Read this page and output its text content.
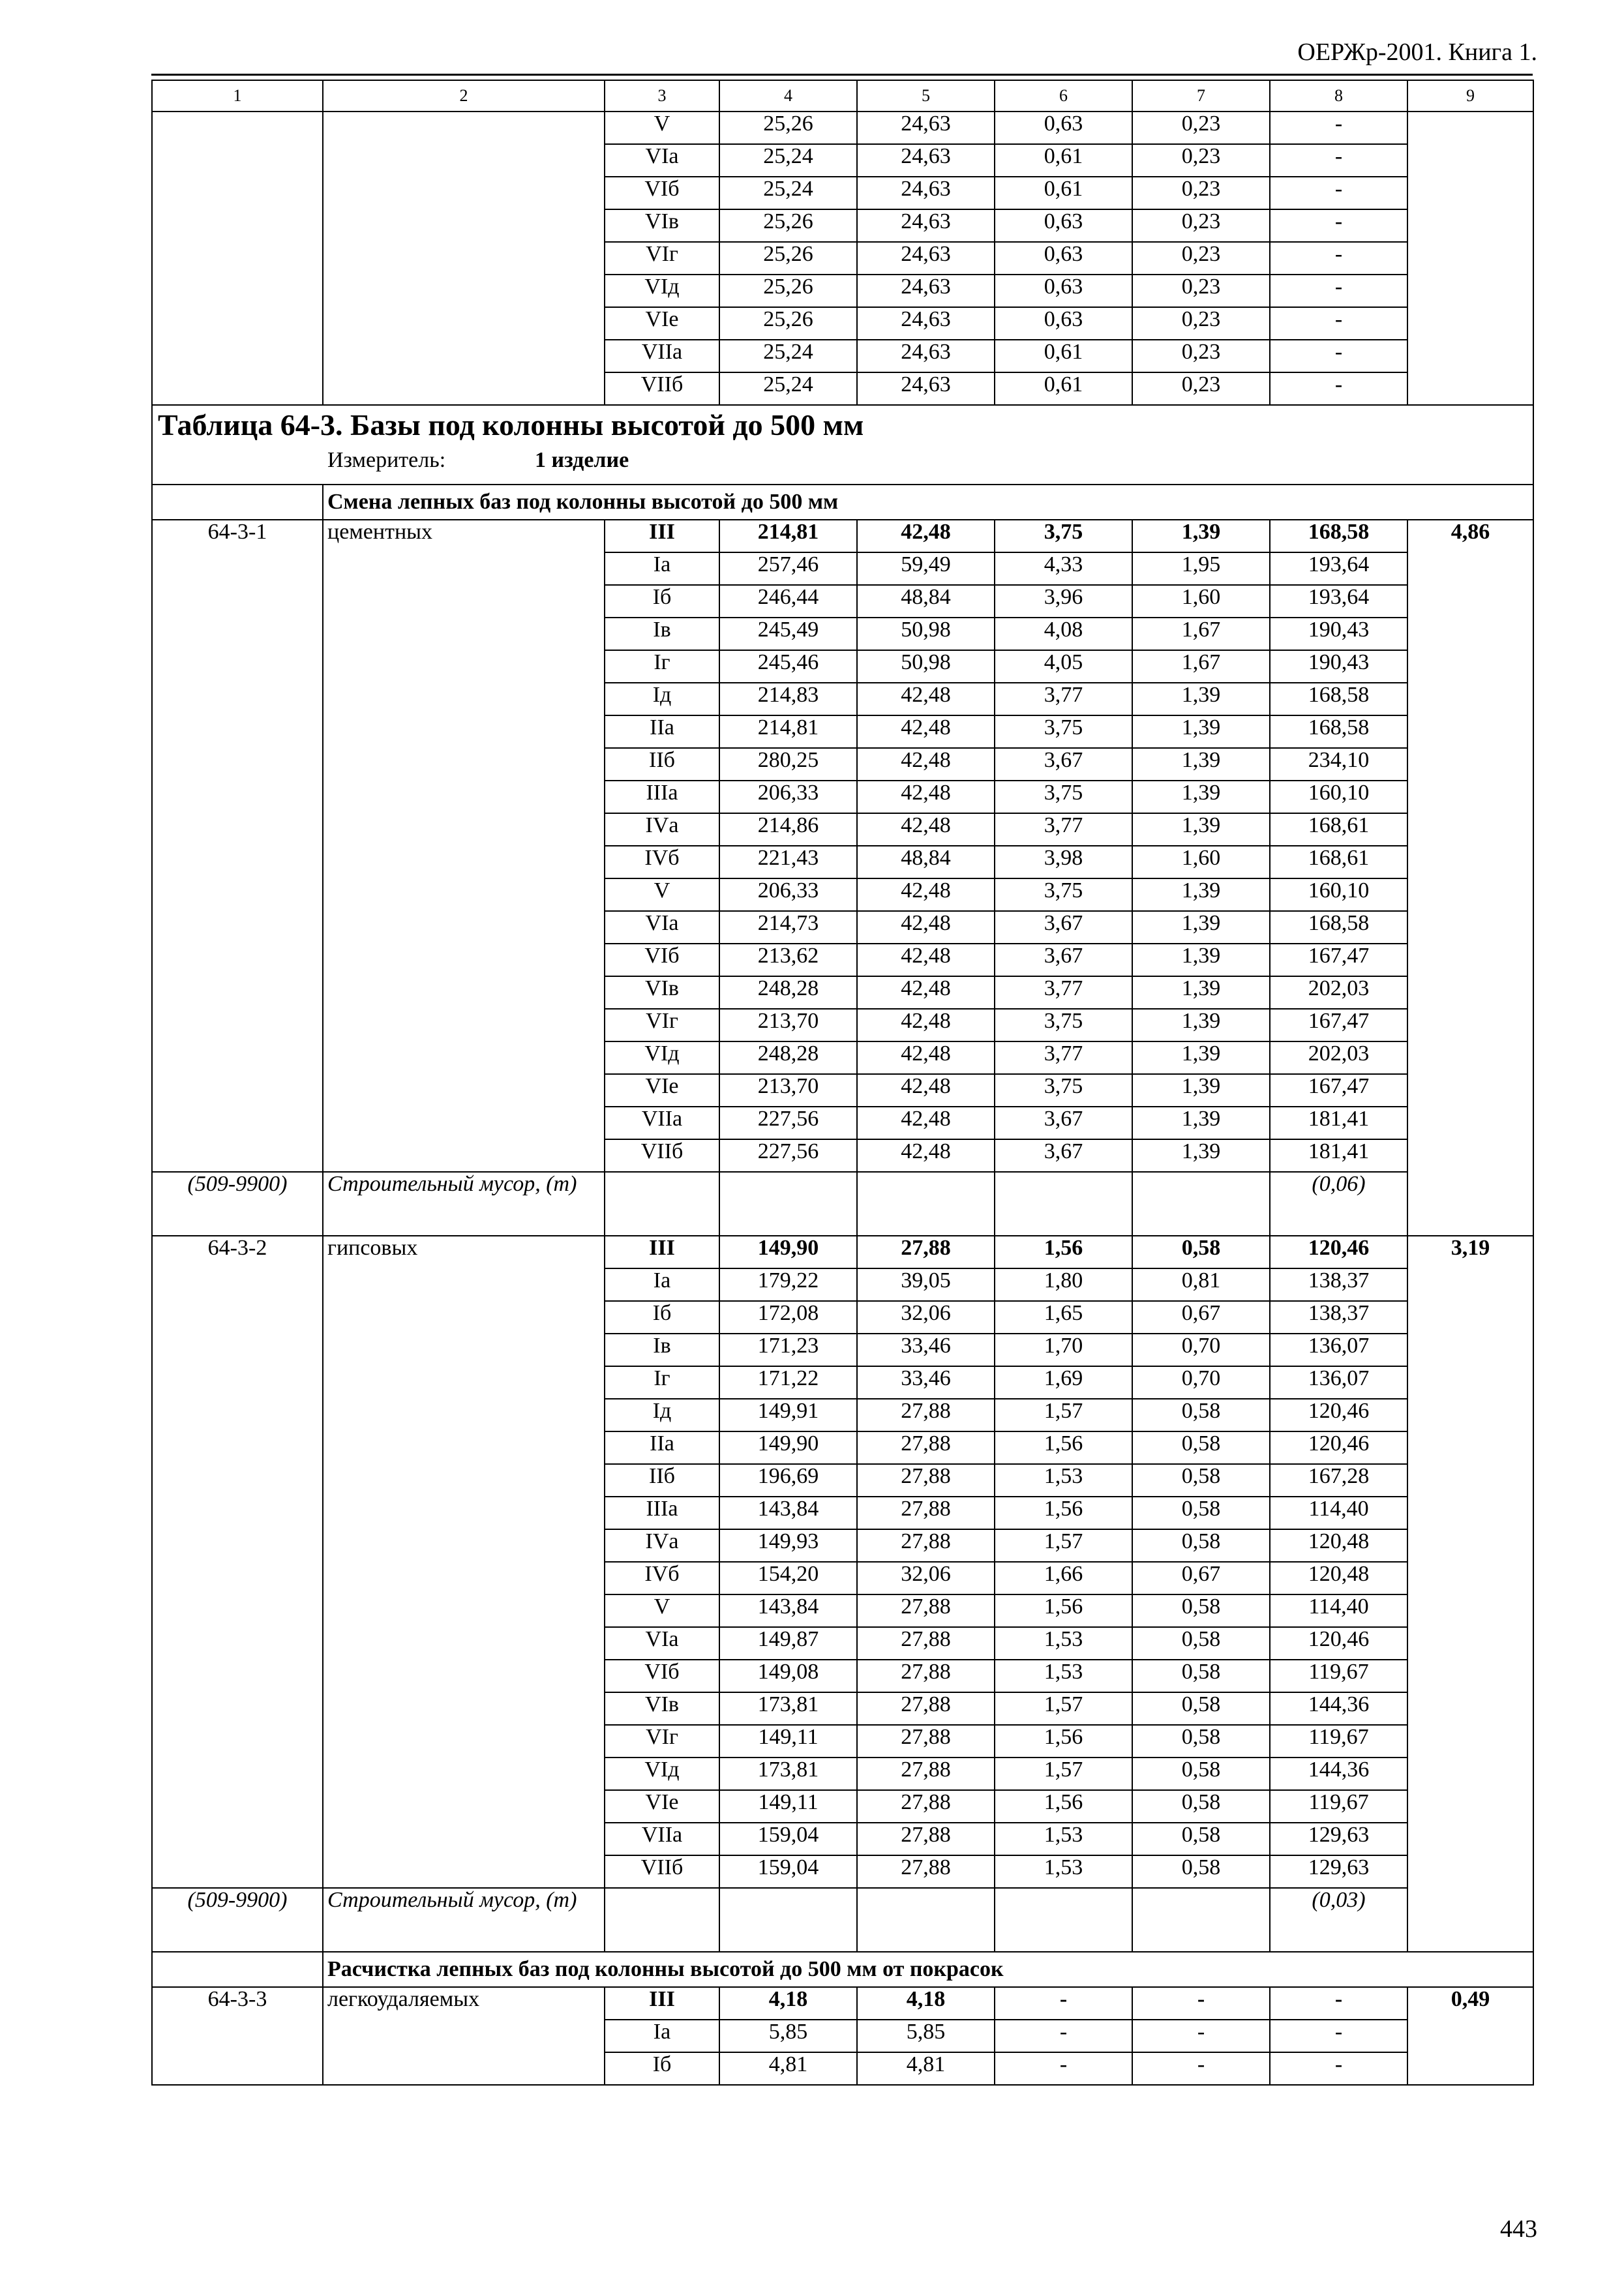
ОЕРЖр-2001. Книга 1.
1	2	3	4	5	6	7	8	9
		V	25,26	24,63	0,63	0,23	-	
		VIа	25,24	24,63	0,61	0,23	-	
		VIб	25,24	24,63	0,61	0,23	-	
		VIв	25,26	24,63	0,63	0,23	-	
		VIг	25,26	24,63	0,63	0,23	-	
		VIд	25,26	24,63	0,63	0,23	-	
		VIе	25,26	24,63	0,63	0,23	-	
		VIIа	25,24	24,63	0,61	0,23	-	
		VIIб	25,24	24,63	0,61	0,23	-	

Таблица 64-3. Базы под колонны высотой до 500 мм
Измеритель: 1 изделие								

	Смена лепных баз под колонны высотой до 500 мм							
64-3-1	цементных	III	214,81	42,48	3,75	1,39	168,58	4,86
		Iа	257,46	59,49	4,33	1,95	193,64	
		Iб	246,44	48,84	3,96	1,60	193,64	
		Iв	245,49	50,98	4,08	1,67	190,43	
		Iг	245,46	50,98	4,05	1,67	190,43	
		Iд	214,83	42,48	3,77	1,39	168,58	
		IIа	214,81	42,48	3,75	1,39	168,58	
		IIб	280,25	42,48	3,67	1,39	234,10	
		IIIа	206,33	42,48	3,75	1,39	160,10	
		IVа	214,86	42,48	3,77	1,39	168,61	
		IVб	221,43	48,84	3,98	1,60	168,61	
		V	206,33	42,48	3,75	1,39	160,10	
		VIа	214,73	42,48	3,67	1,39	168,58	
		VIб	213,62	42,48	3,67	1,39	167,47	
		VIв	248,28	42,48	3,77	1,39	202,03	
		VIг	213,70	42,48	3,75	1,39	167,47	
		VIд	248,28	42,48	3,77	1,39	202,03	
		VIе	213,70	42,48	3,75	1,39	167,47	
		VIIа	227,56	42,48	3,67	1,39	181,41	
		VIIб	227,56	42,48	3,67	1,39	181,41	
(509-9900)	Строительный мусор, (т)						(0,06)	
64-3-2	гипсовых	III	149,90	27,88	1,56	0,58	120,46	3,19
		Iа	179,22	39,05	1,80	0,81	138,37	
		Iб	172,08	32,06	1,65	0,67	138,37	
		Iв	171,23	33,46	1,70	0,70	136,07	
		Iг	171,22	33,46	1,69	0,70	136,07	
		Iд	149,91	27,88	1,57	0,58	120,46	
		IIа	149,90	27,88	1,56	0,58	120,46	
		IIб	196,69	27,88	1,53	0,58	167,28	
		IIIа	143,84	27,88	1,56	0,58	114,40	
		IVа	149,93	27,88	1,57	0,58	120,48	
		IVб	154,20	32,06	1,66	0,67	120,48	
		V	143,84	27,88	1,56	0,58	114,40	
		VIа	149,87	27,88	1,53	0,58	120,46	
		VIб	149,08	27,88	1,53	0,58	119,67	
		VIв	173,81	27,88	1,57	0,58	144,36	
		VIг	149,11	27,88	1,56	0,58	119,67	
		VIд	173,81	27,88	1,57	0,58	144,36	
		VIе	149,11	27,88	1,56	0,58	119,67	
		VIIа	159,04	27,88	1,53	0,58	129,63	
		VIIб	159,04	27,88	1,53	0,58	129,63	
(509-9900)	Строительный мусор, (т)						(0,03)	
	Расчистка лепных баз под колонны высотой до 500 мм от покрасок							
64-3-3	легкоудаляемых	III	4,18	4,18	-	-	-	0,49
		Iа	5,85	5,85	-	-	-	
		Iб	4,81	4,81	-	-	-	
443
